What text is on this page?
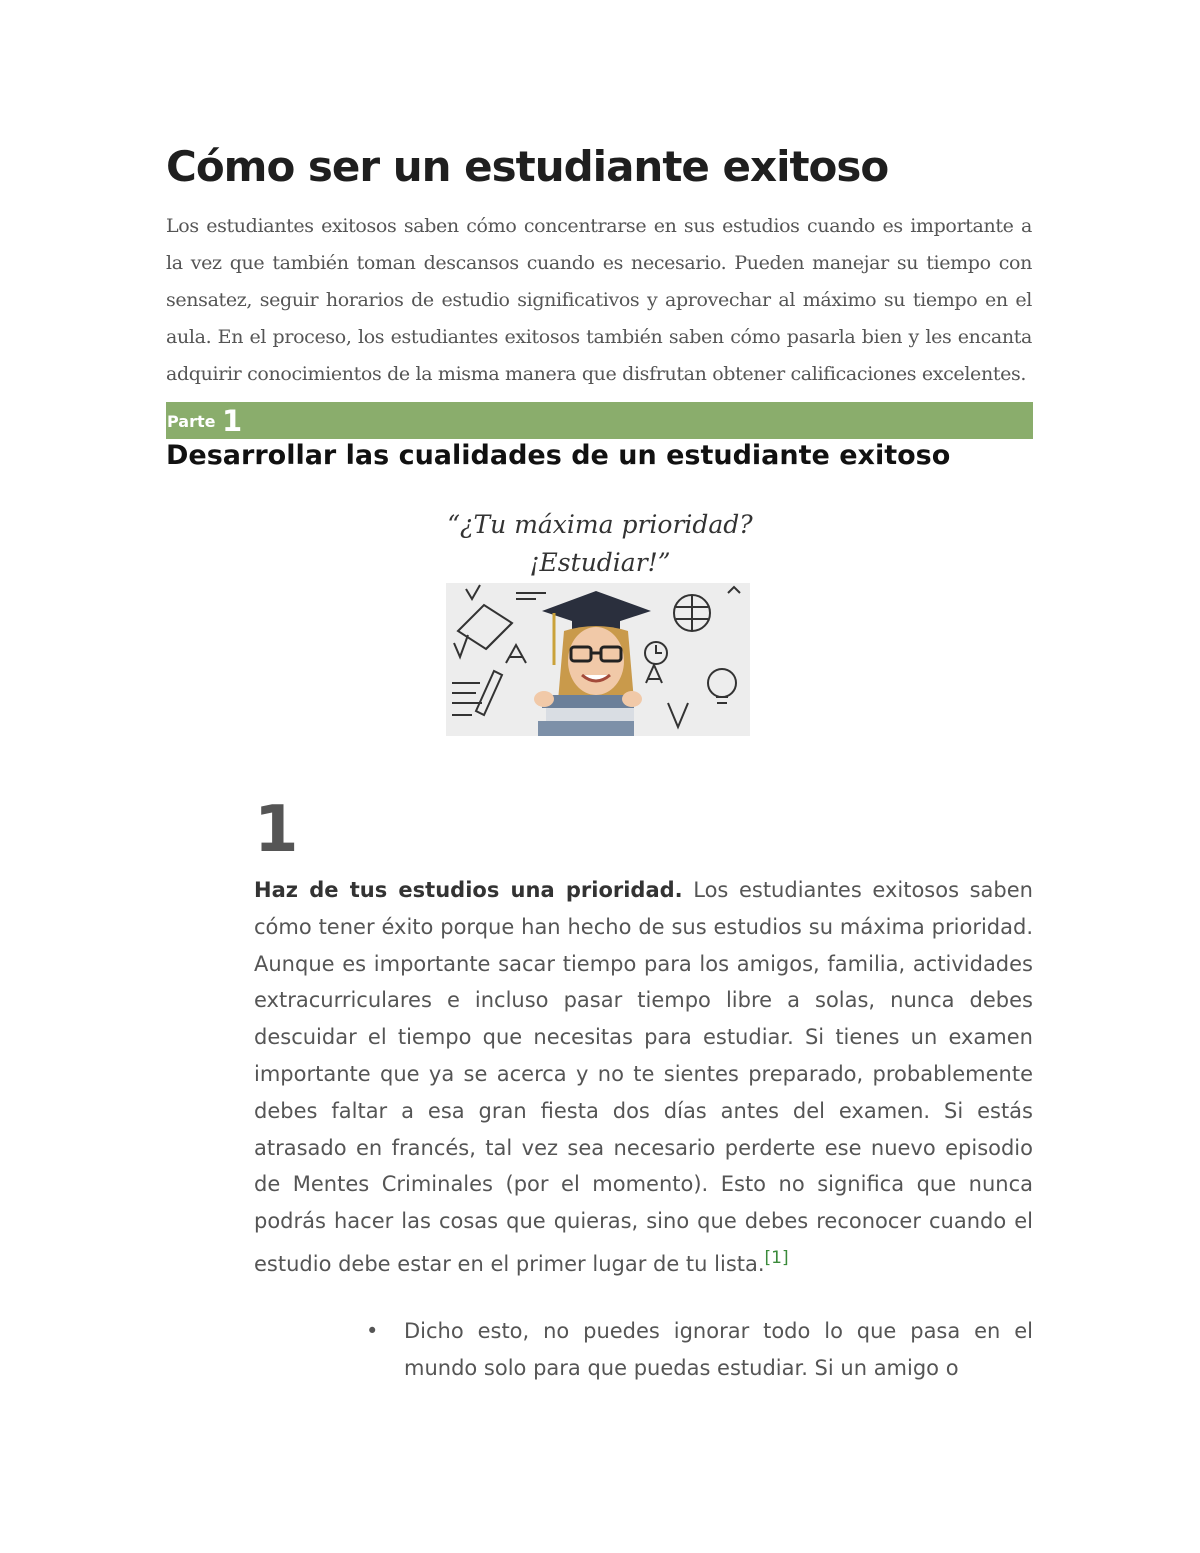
Cómo ser un estudiante exitoso

Los estudiantes exitosos saben cómo concentrarse en sus estudios cuando es importante a la vez que también toman descansos cuando es necesario. Pueden manejar su tiempo con sensatez, seguir horarios de estudio significativos y aprovechar al máximo su tiempo en el aula. En el proceso, los estudiantes exitosos también saben cómo pasarla bien y les encanta adquirir conocimientos de la misma manera que disfrutan obtener calificaciones excelentes.

Parte 1
Desarrollar las cualidades de un estudiante exitoso
“¿Tu máxima prioridad?
¡Estudiar!”
1

Haz de tus estudios una prioridad. Los estudiantes exitosos saben cómo tener éxito porque han hecho de sus estudios su máxima prioridad. Aunque es importante sacar tiempo para los amigos, familia, actividades extracurriculares e incluso pasar tiempo libre a solas, nunca debes descuidar el tiempo que necesitas para estudiar. Si tienes un examen importante que ya se acerca y no te sientes preparado, probablemente debes faltar a esa gran fiesta dos días antes del examen. Si estás atrasado en francés, tal vez sea necesario perderte ese nuevo episodio de Mentes Criminales (por el momento). Esto no significa que nunca podrás hacer las cosas que quieras, sino que debes reconocer cuando el estudio debe estar en el primer lugar de tu lista.[1]

• Dicho esto, no puedes ignorar todo lo que pasa en el mundo solo para que puedas estudiar. Si un amigo o
